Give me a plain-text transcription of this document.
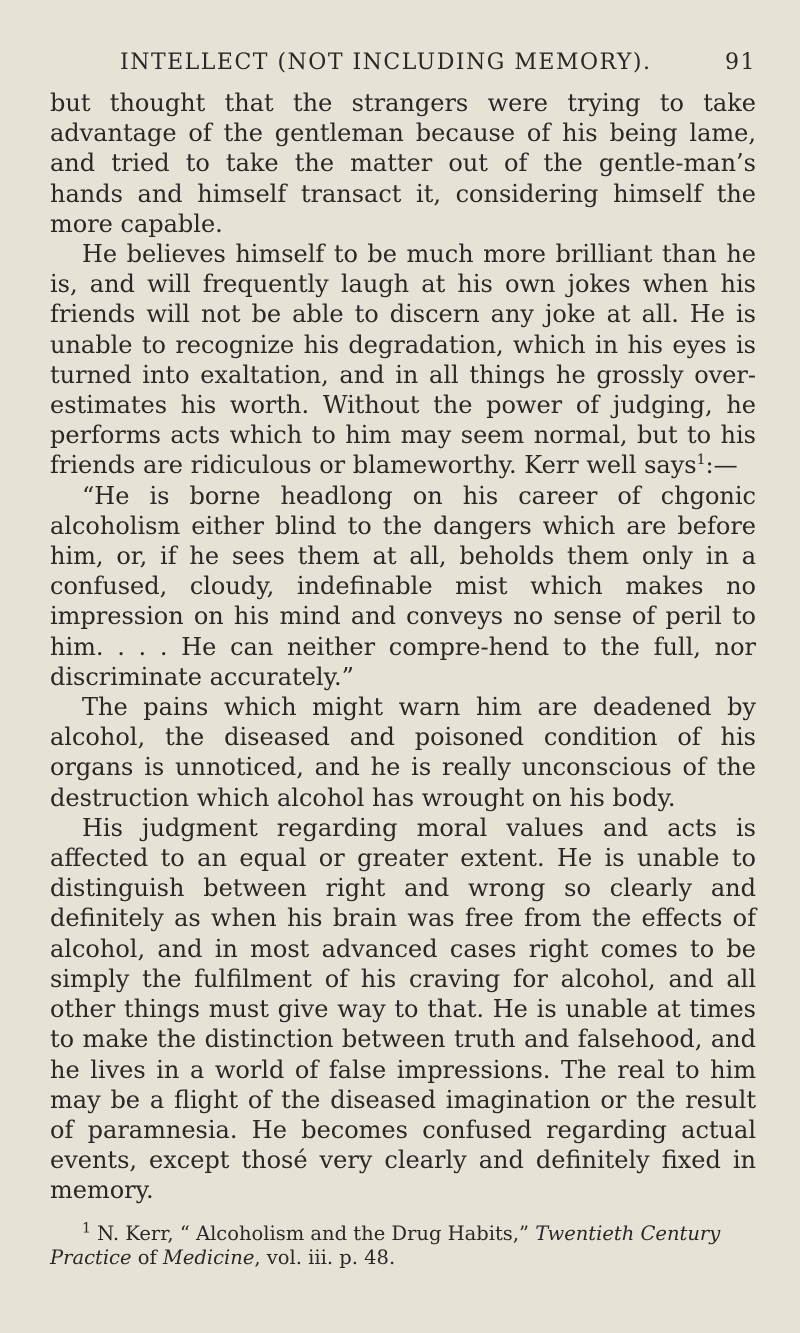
INTELLECT (NOT INCLUDING MEMORY).	91

but thought that the strangers were trying to take advantage of the gentleman because of his being lame, and tried to take the matter out of the gentle-man’s hands and himself transact it, considering himself the more capable.

He believes himself to be much more brilliant than he is, and will frequently laugh at his own jokes when his friends will not be able to discern any joke at all. He is unable to recognize his degradation, which in his eyes is turned into exaltation, and in all things he grossly over-estimates his worth. Without the power of judging, he performs acts which to him may seem normal, but to his friends are ridiculous or blameworthy. Kerr well says$^1$:—

“He is borne headlong on his career of chgonic alcoholism either blind to the dangers which are before him, or, if he sees them at all, beholds them only in a confused, cloudy, indefinable mist which makes no impression on his mind and conveys no sense of peril to him. . . . He can neither compre-hend to the full, nor discriminate accurately.”

The pains which might warn him are deadened by alcohol, the diseased and poisoned condition of his organs is unnoticed, and he is really unconscious of the destruction which alcohol has wrought on his body.

His judgment regarding moral values and acts is affected to an equal or greater extent. He is unable to distinguish between right and wrong so clearly and definitely as when his brain was free from the effects of alcohol, and in most advanced cases right comes to be simply the fulfilment of his craving for alcohol, and all other things must give way to that. He is unable at times to make the distinction between truth and falsehood, and he lives in a world of false impressions. The real to him may be a flight of the diseased imagination or the result of paramnesia. He becomes confused regarding actual events, except thosé very clearly and definitely fixed in memory.

$^1$ N. Kerr, “ Alcoholism and the Drug Habits,” Twentieth Century Practice of Medicine, vol. iii. p. 48.
